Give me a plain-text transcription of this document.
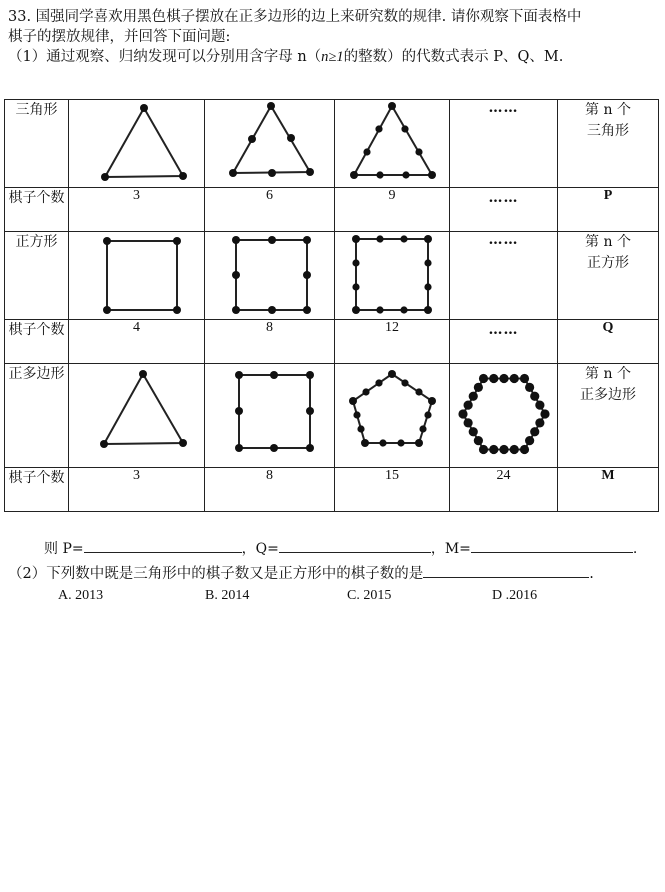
33. 国强同学喜欢用黑色棋子摆放在正多边形的边上来研究数的规律. 请你观察下面表格中
棋子的摆放规律，并回答下面问题:
（1）通过观察、归纳发现可以分别用含字母 n（n≥1的整数）的代数式表示 P、Q、M.
三角形				……	第 n 个
三角形
棋子个数	3	6	9	……	P
正方形				……	第 n 个
正方形
棋子个数	4	8	12	……	Q
正多边形					第 n 个
正多边形
棋子个数	3	8	15	24	M
则 P=	，Q=	，M=	.
（2）下列数中既是三角形中的棋子数又是正方形中的棋子数的是	.
A. 2013	B. 2014	C. 2015	D .2016
